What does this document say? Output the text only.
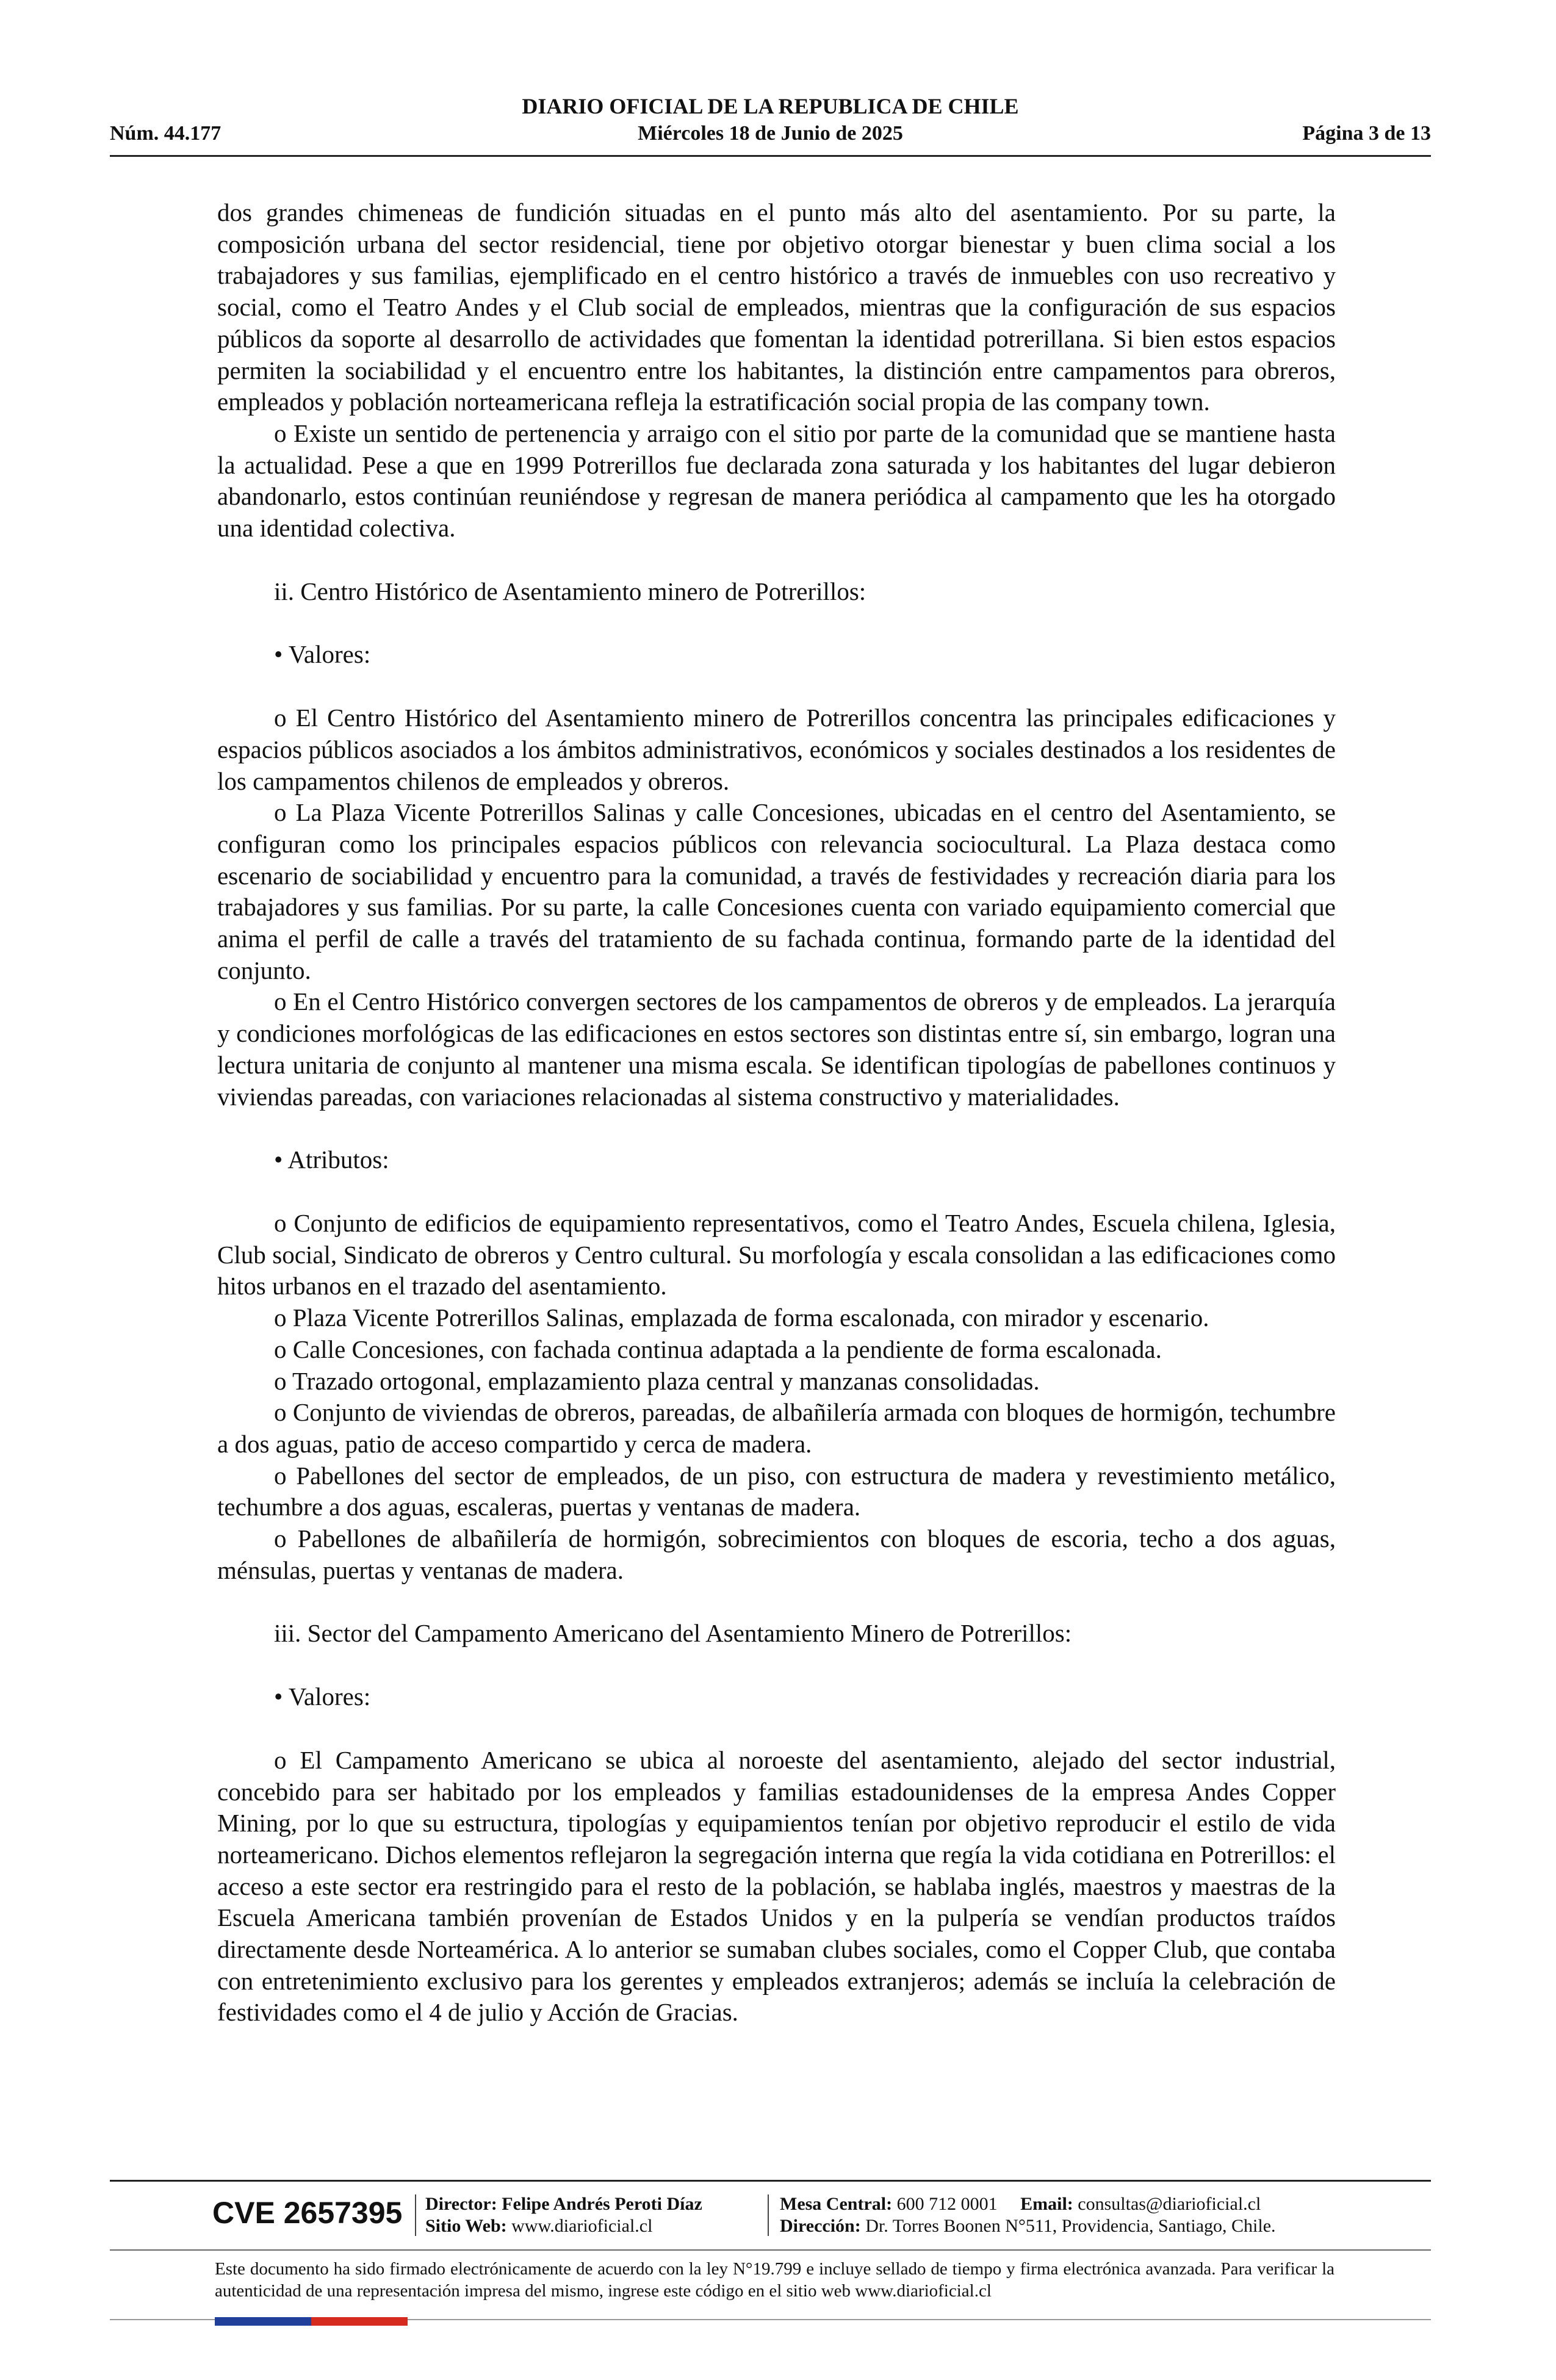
DIARIO OFICIAL DE LA REPUBLICA DE CHILE
Núm. 44.177	Miércoles 18 de Junio de 2025	Página 3 de 13

dos grandes chimeneas de fundición situadas en el punto más alto del asentamiento. Por su parte, la composición urbana del sector residencial, tiene por objetivo otorgar bienestar y buen clima social a los trabajadores y sus familias, ejemplificado en el centro histórico a través de inmuebles con uso recreativo y social, como el Teatro Andes y el Club social de empleados, mientras que la configuración de sus espacios públicos da soporte al desarrollo de actividades que fomentan la identidad potrerillana. Si bien estos espacios permiten la sociabilidad y el encuentro entre los habitantes, la distinción entre campamentos para obreros, empleados y población norteamericana refleja la estratificación social propia de las company town.

o Existe un sentido de pertenencia y arraigo con el sitio por parte de la comunidad que se mantiene hasta la actualidad. Pese a que en 1999 Potrerillos fue declarada zona saturada y los habitantes del lugar debieron abandonarlo, estos continúan reuniéndose y regresan de manera periódica al campamento que les ha otorgado una identidad colectiva.

ii. Centro Histórico de Asentamiento minero de Potrerillos:

• Valores:

o El Centro Histórico del Asentamiento minero de Potrerillos concentra las principales edificaciones y espacios públicos asociados a los ámbitos administrativos, económicos y sociales destinados a los residentes de los campamentos chilenos de empleados y obreros.

o La Plaza Vicente Potrerillos Salinas y calle Concesiones, ubicadas en el centro del Asentamiento, se configuran como los principales espacios públicos con relevancia sociocultural. La Plaza destaca como escenario de sociabilidad y encuentro para la comunidad, a través de festividades y recreación diaria para los trabajadores y sus familias. Por su parte, la calle Concesiones cuenta con variado equipamiento comercial que anima el perfil de calle a través del tratamiento de su fachada continua, formando parte de la identidad del conjunto.

o En el Centro Histórico convergen sectores de los campamentos de obreros y de empleados. La jerarquía y condiciones morfológicas de las edificaciones en estos sectores son distintas entre sí, sin embargo, logran una lectura unitaria de conjunto al mantener una misma escala. Se identifican tipologías de pabellones continuos y viviendas pareadas, con variaciones relacionadas al sistema constructivo y materialidades.

• Atributos:

o Conjunto de edificios de equipamiento representativos, como el Teatro Andes, Escuela chilena, Iglesia, Club social, Sindicato de obreros y Centro cultural. Su morfología y escala consolidan a las edificaciones como hitos urbanos en el trazado del asentamiento.

o Plaza Vicente Potrerillos Salinas, emplazada de forma escalonada, con mirador y escenario.

o Calle Concesiones, con fachada continua adaptada a la pendiente de forma escalonada.

o Trazado ortogonal, emplazamiento plaza central y manzanas consolidadas.

o Conjunto de viviendas de obreros, pareadas, de albañilería armada con bloques de hormigón, techumbre a dos aguas, patio de acceso compartido y cerca de madera.

o Pabellones del sector de empleados, de un piso, con estructura de madera y revestimiento metálico, techumbre a dos aguas, escaleras, puertas y ventanas de madera.

o Pabellones de albañilería de hormigón, sobrecimientos con bloques de escoria, techo a dos aguas, ménsulas, puertas y ventanas de madera.

iii. Sector del Campamento Americano del Asentamiento Minero de Potrerillos:

• Valores:

o El Campamento Americano se ubica al noroeste del asentamiento, alejado del sector industrial, concebido para ser habitado por los empleados y familias estadounidenses de la empresa Andes Copper Mining, por lo que su estructura, tipologías y equipamientos tenían por objetivo reproducir el estilo de vida norteamericano. Dichos elementos reflejaron la segregación interna que regía la vida cotidiana en Potrerillos: el acceso a este sector era restringido para el resto de la población, se hablaba inglés, maestros y maestras de la Escuela Americana también provenían de Estados Unidos y en la pulpería se vendían productos traídos directamente desde Norteamérica. A lo anterior se sumaban clubes sociales, como el Copper Club, que contaba con entretenimiento exclusivo para los gerentes y empleados extranjeros; además se incluía la celebración de festividades como el 4 de julio y Acción de Gracias.

CVE 2657395 Director: Felipe Andrés Peroti Díaz
Sitio Web: www.diarioficial.cl
Mesa Central: 600 712 0001 Email: consultas@diarioficial.cl
Dirección: Dr. Torres Boonen N°511, Providencia, Santiago, Chile.
Este documento ha sido firmado electrónicamente de acuerdo con la ley N°19.799 e incluye sellado de tiempo y firma electrónica avanzada. Para verificar la autenticidad de una representación impresa del mismo, ingrese este código en el sitio web www.diarioficial.cl
